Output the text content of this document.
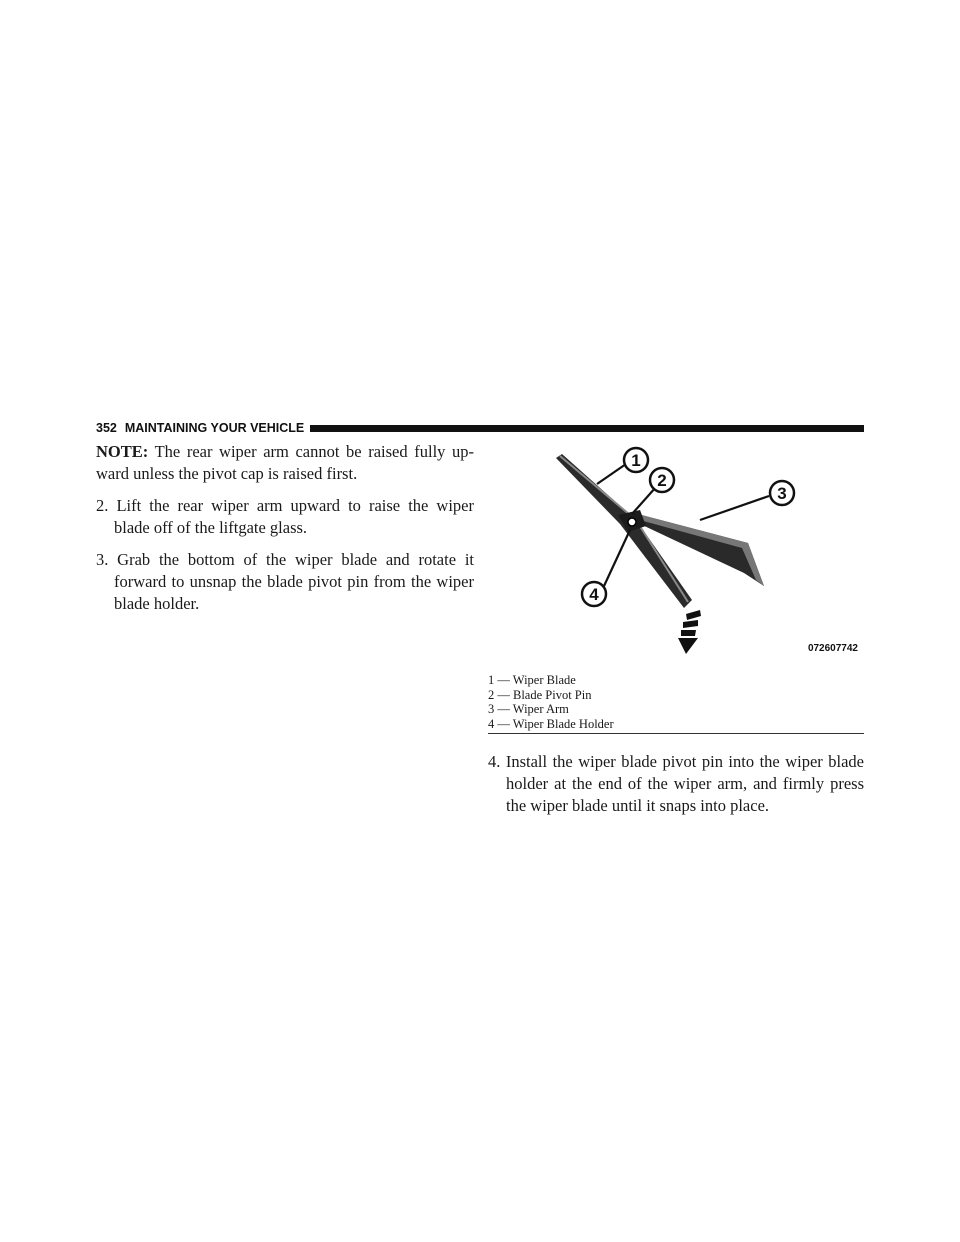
352 MAINTAINING YOUR VEHICLE

NOTE: The rear wiper arm cannot be raised fully up-ward unless the pivot cap is raised first.

2. Lift the rear wiper arm upward to raise the wiper blade off of the liftgate glass.

3. Grab the bottom of the wiper blade and rotate it forward to unsnap the blade pivot pin from the wiper blade holder.

1
2
3
4
072607742
1 — Wiper Blade
2 — Blade Pivot Pin
3 — Wiper Arm
4 — Wiper Blade Holder

4. Install the wiper blade pivot pin into the wiper blade holder at the end of the wiper arm, and firmly press the wiper blade until it snaps into place.
